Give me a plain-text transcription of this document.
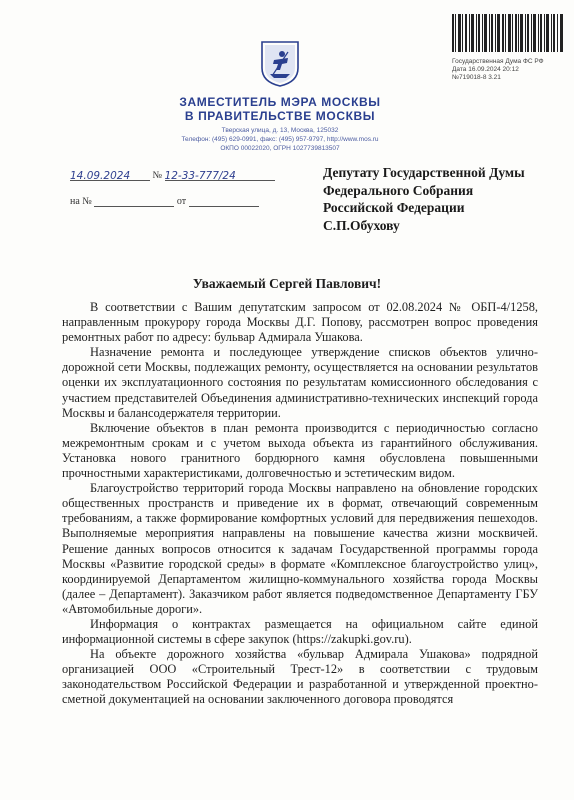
Государственная Дума ФС РФ
Дата 16.09.2024 20:12
№719018-8 3.21
ЗАМЕСТИТЕЛЬ МЭРА МОСКВЫ
В ПРАВИТЕЛЬСТВЕ МОСКВЫ
Тверская улица, д. 13, Москва, 125032
Телефон: (495) 629-0991, факс: (495) 957-9797, http://www.mos.ru
ОКПО 00022020, ОГРН 1027739813507
14.09.2024 № 12-33-777/24
на №	от
Депутату Государственной Думы
Федерального Собрания
Российской Федерации
С.П.Обухову
Уважаемый Сергей Павлович!

В соответствии с Вашим депутатским запросом от 02.08.2024 № ОБП-4/1258, направленным прокурору города Москвы Д.Г. Попову, рассмотрен вопрос проведения ремонтных работ по адресу: бульвар Адмирала Ушакова.

Назначение ремонта и последующее утверждение списков объектов улично-дорожной сети Москвы, подлежащих ремонту, осуществляется на основании результатов оценки их эксплуатационного состояния по результатам комиссионного обследования с участием представителей Объединения административно-технических инспекций города Москвы и балансодержателя территории.

Включение объектов в план ремонта производится с периодичностью согласно межремонтным срокам и с учетом выхода объекта из гарантийного обслуживания. Установка нового гранитного бордюрного камня обусловлена повышенными прочностными характеристиками, долговечностью и эстетическим видом.

Благоустройство территорий города Москвы направлено на обновление городских общественных пространств и приведение их в формат, отвечающий современным требованиям, а также формирование комфортных условий для передвижения пешеходов. Выполняемые мероприятия направлены на повышение качества жизни москвичей. Решение данных вопросов относится к задачам Государственной программы города Москвы «Развитие городской среды» в формате «Комплексное благоустройство улиц», координируемой Департаментом жилищно-коммунального хозяйства города Москвы (далее – Департамент). Заказчиком работ является подведомственное Департаменту ГБУ «Автомобильные дороги».

Информация о контрактах размещается на официальном сайте единой информационной системы в сфере закупок (https://zakupki.gov.ru).

На объекте дорожного хозяйства «бульвар Адмирала Ушакова» подрядной организацией ООО «Строительный Трест-12» в соответствии с трудовым законодательством Российской Федерации и разработанной и утвержденной проектно-сметной документацией на основании заключенного договора проводятся
